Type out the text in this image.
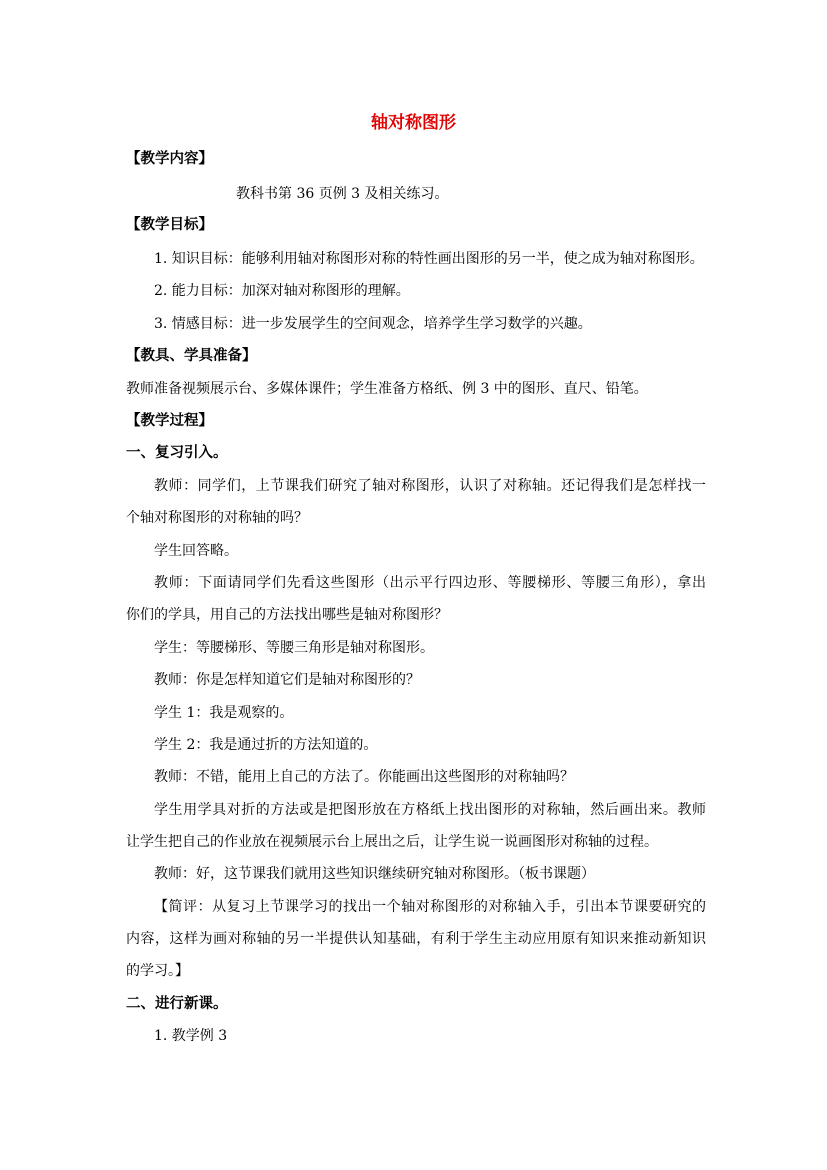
轴对称图形
【教学内容】
教科书第 36 页例 3 及相关练习。
【教学目标】
1. 知识目标：能够利用轴对称图形对称的特性画出图形的另一半，使之成为轴对称图形。
2. 能力目标：加深对轴对称图形的理解。
3. 情感目标：进一步发展学生的空间观念，培养学生学习数学的兴趣。
【教具、学具准备】
教师准备视频展示台、多媒体课件；学生准备方格纸、例 3 中的图形、直尺、铅笔。
【教学过程】
一、复习引入。
教师：同学们，上节课我们研究了轴对称图形，认识了对称轴。还记得我们是怎样找一
个轴对称图形的对称轴的吗？
学生回答略。
教师：下面请同学们先看这些图形（出示平行四边形、等腰梯形、等腰三角形），拿出
你们的学具，用自己的方法找出哪些是轴对称图形？
学生：等腰梯形、等腰三角形是轴对称图形。
教师：你是怎样知道它们是轴对称图形的？
学生 1：我是观察的。
学生 2：我是通过折的方法知道的。
教师：不错，能用上自己的方法了。你能画出这些图形的对称轴吗？
学生用学具对折的方法或是把图形放在方格纸上找出图形的对称轴，然后画出来。教师
让学生把自己的作业放在视频展示台上展出之后，让学生说一说画图形对称轴的过程。
教师：好，这节课我们就用这些知识继续研究轴对称图形。（板书课题）
【简评：从复习上节课学习的找出一个轴对称图形的对称轴入手，引出本节课要研究的
内容，这样为画对称轴的另一半提供认知基础，有利于学生主动应用原有知识来推动新知识
的学习。】
二、进行新课。
1. 教学例 3
